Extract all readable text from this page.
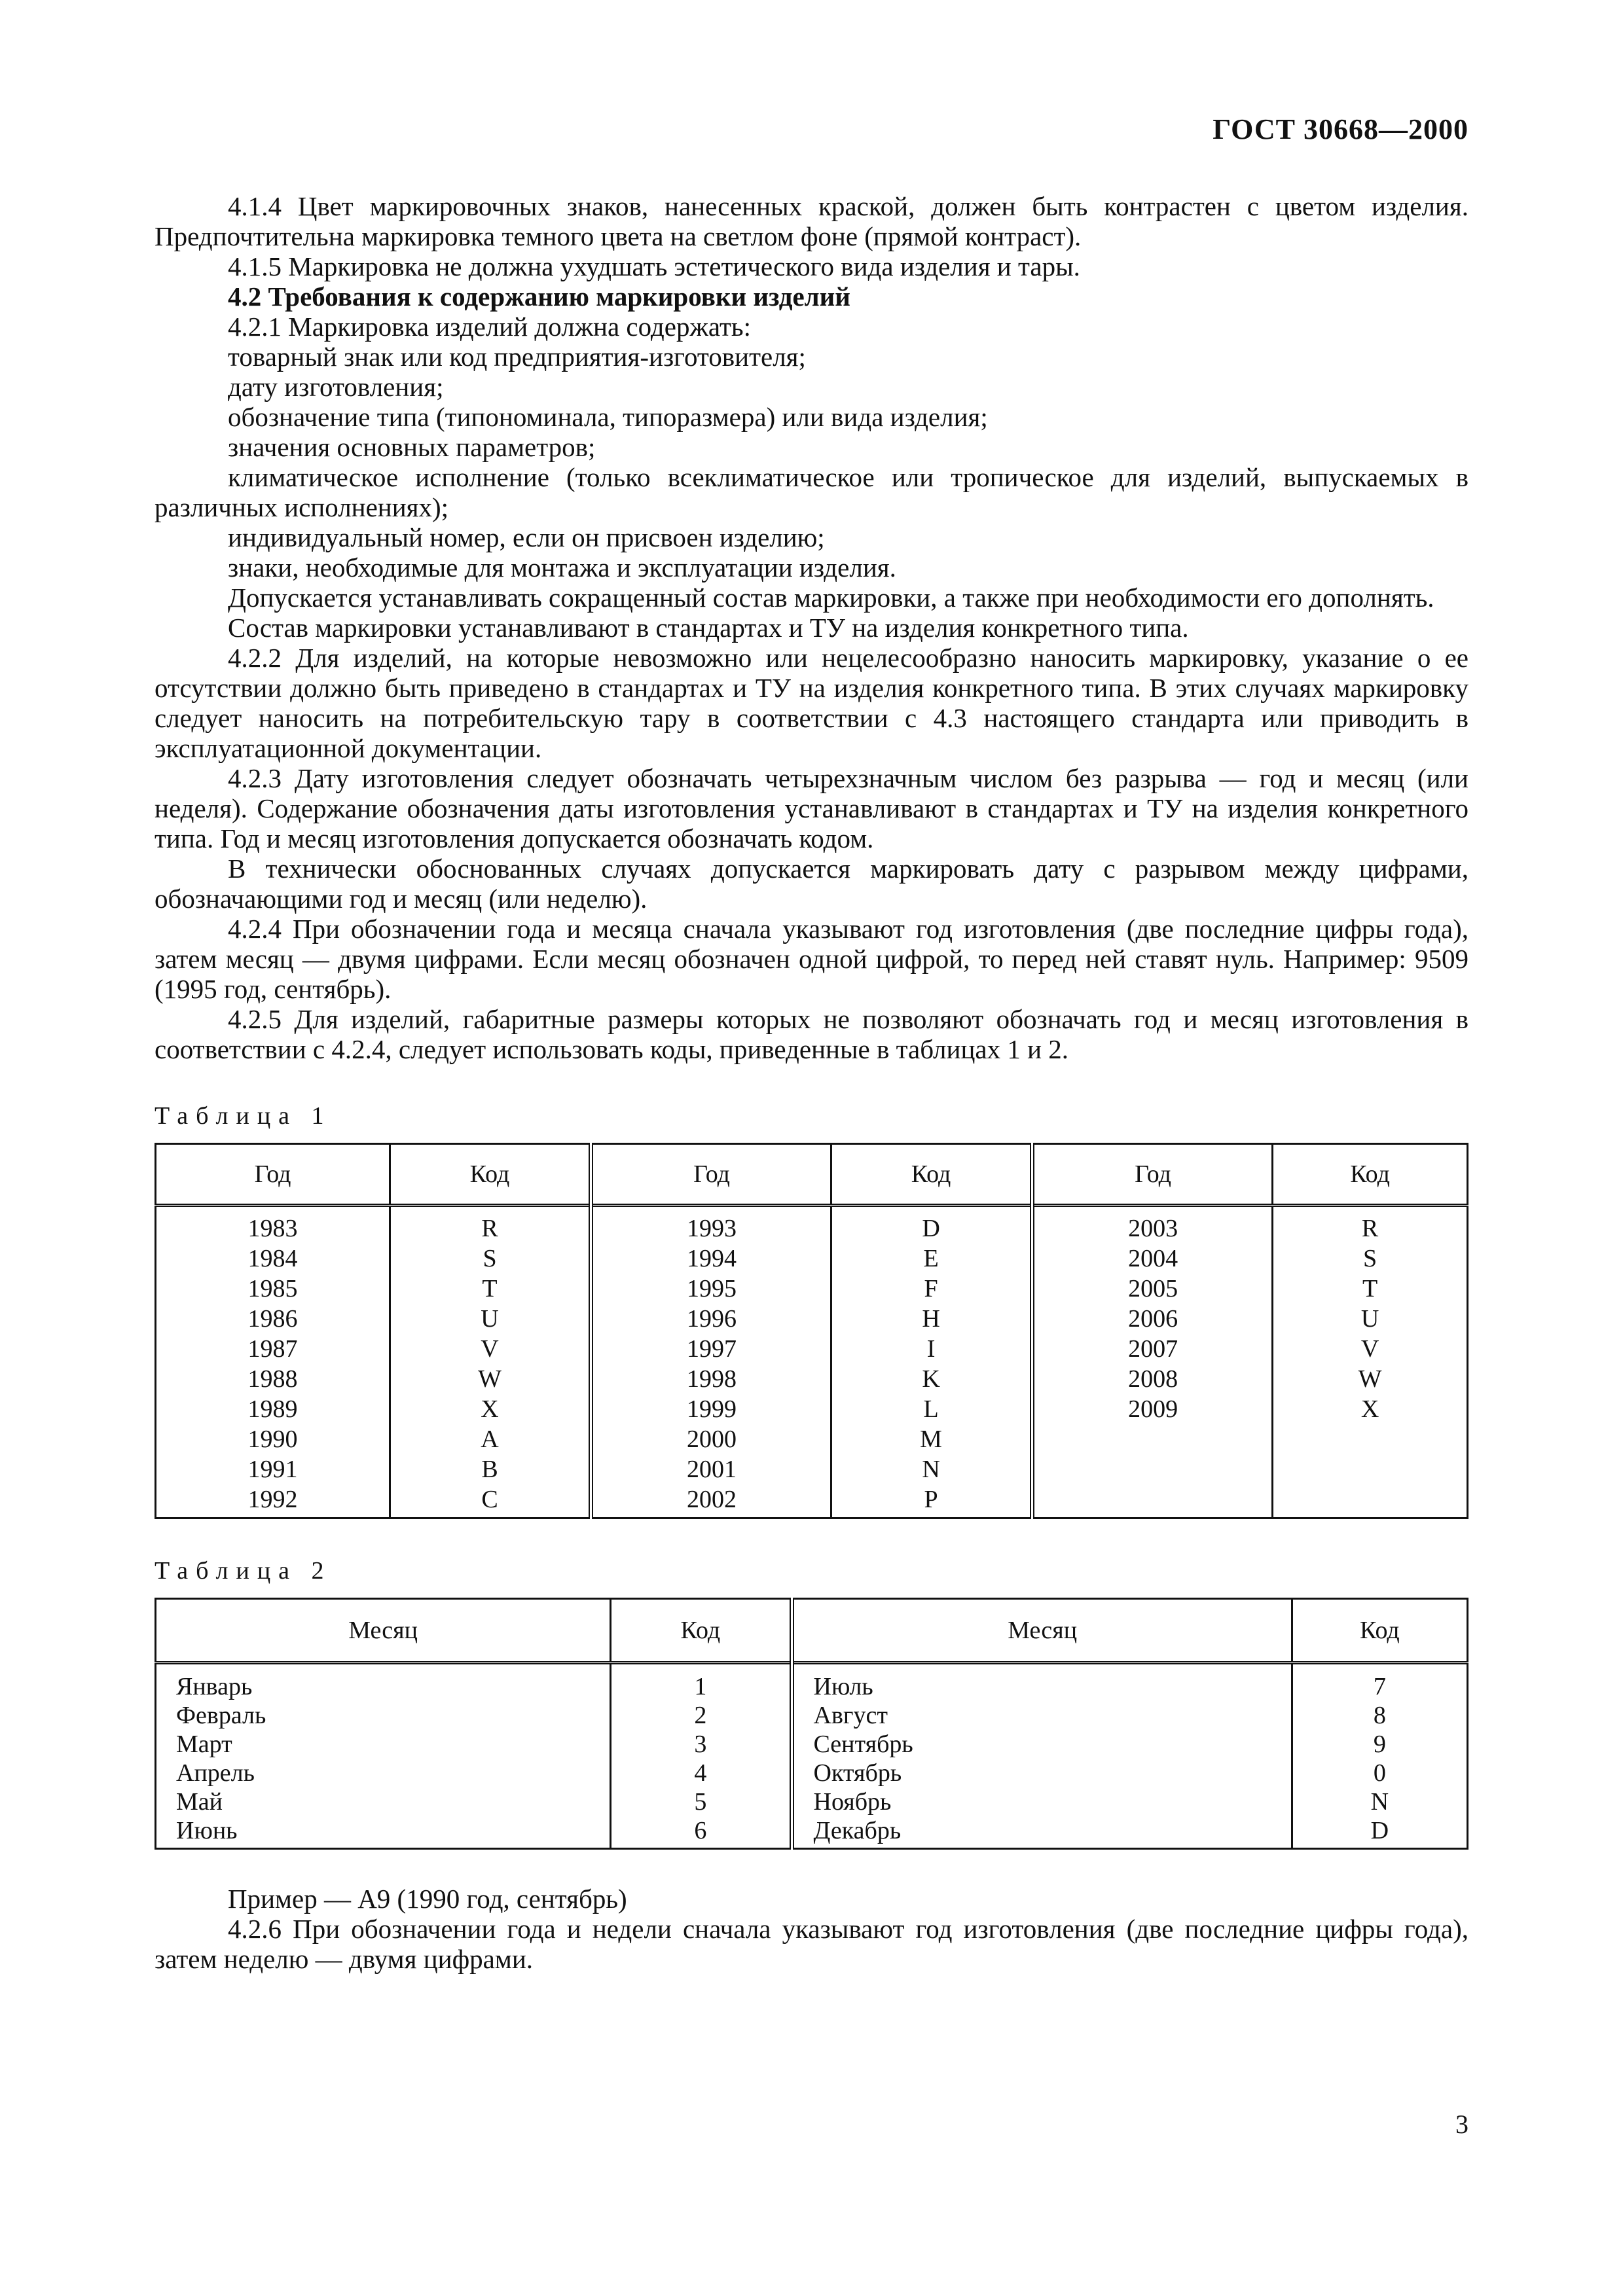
ГОСТ 30668—2000

4.1.4 Цвет маркировочных знаков, нанесенных краской, должен быть контрастен с цветом изделия. Предпочтительна маркировка темного цвета на светлом фоне (прямой контраст).

4.1.5 Маркировка не должна ухудшать эстетического вида изделия и тары.

4.2 Требования к содержанию маркировки изделий

4.2.1 Маркировка изделий должна содержать:

товарный знак или код предприятия-изготовителя;

дату изготовления;

обозначение типа (типономинала, типоразмера) или вида изделия;

значения основных параметров;

климатическое исполнение (только всеклиматическое или тропическое для изделий, выпускаемых в различных исполнениях);

индивидуальный номер, если он присвоен изделию;

знаки, необходимые для монтажа и эксплуатации изделия.

Допускается устанавливать сокращенный состав маркировки, а также при необходимости его дополнять.

Состав маркировки устанавливают в стандартах и ТУ на изделия конкретного типа.

4.2.2 Для изделий, на которые невозможно или нецелесообразно наносить маркировку, указание о ее отсутствии должно быть приведено в стандартах и ТУ на изделия конкретного типа. В этих случаях маркировку следует наносить на потребительскую тару в соответствии с 4.3 настоящего стандарта или приводить в эксплуатационной документации.

4.2.3 Дату изготовления следует обозначать четырехзначным числом без разрыва — год и месяц (или неделя). Содержание обозначения даты изготовления устанавливают в стандартах и ТУ на изделия конкретного типа. Год и месяц изготовления допускается обозначать кодом.

В технически обоснованных случаях допускается маркировать дату с разрывом между цифрами, обозначающими год и месяц (или неделю).

4.2.4 При обозначении года и месяца сначала указывают год изготовления (две последние цифры года), затем месяц — двумя цифрами. Если месяц обозначен одной цифрой, то перед ней ставят нуль. Например: 9509 (1995 год, сентябрь).

4.2.5 Для изделий, габаритные размеры которых не позволяют обозначать год и месяц изготовления в соответствии с 4.2.4, следует использовать коды, приведенные в таблицах 1 и 2.

Таблица 1
Год	Код	Год	Код	Год	Код
1983	R	1993	D	2003	R
1984	S	1994	E	2004	S
1985	T	1995	F	2005	T
1986	U	1996	H	2006	U
1987	V	1997	I	2007	V
1988	W	1998	K	2008	W
1989	X	1999	L	2009	X
1990	A	2000	M		
1991	B	2001	N		
1992	C	2002	P		
Таблица 2
Месяц	Код	Месяц	Код
Январь	1	Июль	7
Февраль	2	Август	8
Март	3	Сентябрь	9
Апрель	4	Октябрь	0
Май	5	Ноябрь	N
Июнь	6	Декабрь	D

Пример — А9 (1990 год, сентябрь)

4.2.6 При обозначении года и недели сначала указывают год изготовления (две последние цифры года), затем неделю — двумя цифрами.

3
